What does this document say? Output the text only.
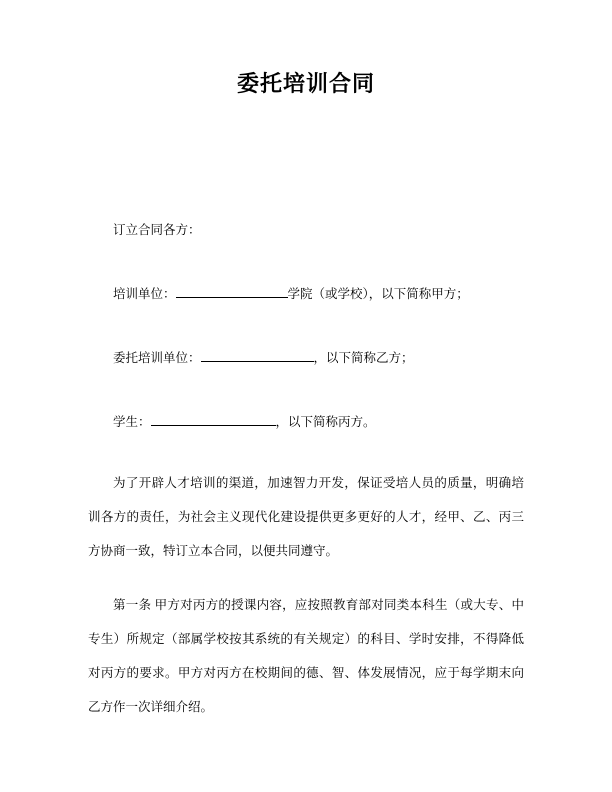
委托培训合同

订立合同各方：

培训单位：	学院（或学校），以下简称甲方；

委托培训单位：	，以下简称乙方；

学生：	，以下简称丙方。

为了开辟人才培训的渠道，加速智力开发，保证受培人员的质量，明确培训各方的责任，为社会主义现代化建设提供更多更好的人才，经甲、乙、丙三方协商一致，特订立本合同，以便共同遵守。

第一条 甲方对丙方的授课内容，应按照教育部对同类本科生（或大专、中专生）所规定（部属学校按其系统的有关规定）的科目、学时安排，不得降低对丙方的要求。甲方对丙方在校期间的德、智、体发展情况，应于每学期末向乙方作一次详细介绍。
